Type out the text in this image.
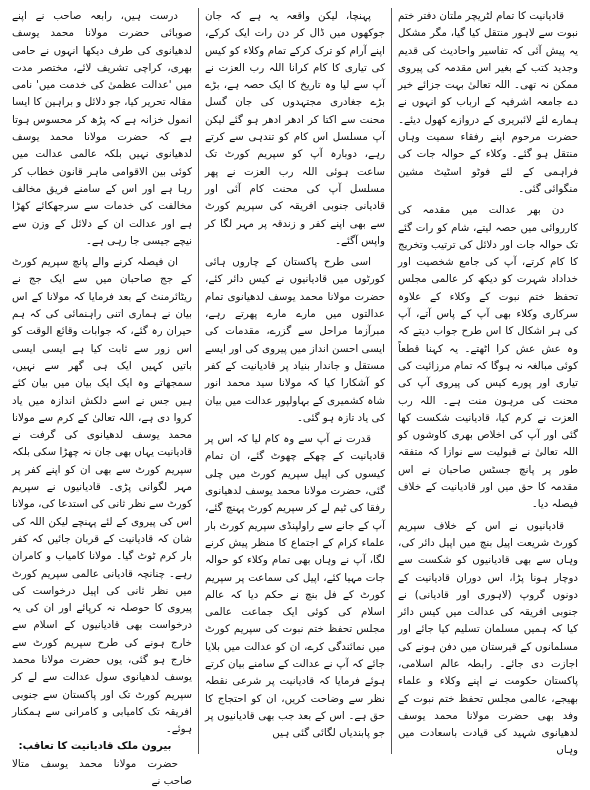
قادیانیت کا تمام لٹریچر ملتان دفتر ختم نبوت سے لاہور منتقل کیا گیا، مگر مشکل یہ پیش آئی کہ تفاسیر واحادیث کی قدیم وجدید کتب کے بغیر اس مقدمہ کی پیروی ممکن نہ تھی۔ اللہ تعالیٰ بہت جزائے خیر دے جامعہ اشرفیہ کے ارباب کو انہوں نے ہمارے لئے لائبریری کے دروازے کھول دیئے۔ حضرت مرحوم اپنے رفقاء سمیت وہاں منتقل ہو گئے۔ وکلاء کے حوالہ جات کی فراہمی کے لئے فوٹو اسٹیٹ مشین منگوائی گئی۔

دن بھر عدالت میں مقدمہ کی کارروائی میں حصہ لیتے، شام کو رات گئے تک حوالہ جات اور دلائل کی ترتیب وتخریج کا کام کرتے، آپ کی جامع شخصیت اور خداداد شہرت کو دیکھ کر عالمی مجلس تحفظ ختم نبوت کے وکلاء کے علاوہ سرکاری وکلاء بھی آپ کے پاس آتے، آپ کی ہر اشکال کا اس طرح جواب دیتے کہ وہ عش عش کرا اٹھتے۔ یہ کہنا قطعاً کوئی مبالغہ نہ ہوگا کہ تمام مرزائیت کی تیاری اور پورے کیس کی پیروی آپ کی محنت کی مرہون منت ہے۔ اللہ رب العزت نے کرم کیا، قادیانیت شکست کھا گئی اور آپ کی اخلاص بھری کاوشوں کو اللہ تعالیٰ نے قبولیت سے نوازا کہ متفقہ طور پر پانچ جسٹس صاحبان نے اس مقدمہ کا حق میں اور قادیانیت کے خلاف فیصلہ دیا۔

قادیانیوں نے اس کے خلاف سپریم کورٹ شریعت اپیل بنچ میں اپیل دائر کی، وہاں سے بھی قادیانیوں کو شکست سے دوچار ہونا پڑا، اس دوران قادیانیت کے دونوں گروپ (لاہوری اور قادیانی) نے جنوبی افریقہ کی عدالت میں کیس دائر کیا کہ ہمیں مسلمان تسلیم کیا جائے اور مسلمانوں کے قبرستان میں دفن ہونے کی اجازت دی جائے۔ رابطہ عالم اسلامی، پاکستان حکومت نے اپنے وکلاء و علماء بھیجے، عالمی مجلس تحفظ ختم نبوت کے وفد بھی حضرت مولانا محمد یوسف لدھیانوی شہید کی قیادت باسعادت میں وہاں

پہنچا، لیکن واقعہ یہ ہے کہ جان جوکھوں میں ڈال کر دن رات ایک کرکے، اپنے آرام کو ترک کرکے تمام وکلاء کو کیس کی تیاری کا کام کرانا اللہ رب العزت نے آپ سے لیا وہ تاریخ کا ایک حصہ ہے، بڑے بڑے جغادری مجتہدوں کی جان گسل محنت سے اکتا کر ادھر ادھر ہو گئے لیکن آپ مسلسل اس کام کو تندہی سے کرتے رہے، دوبارہ آپ کو سپریم کورٹ تک ساعت ہوئی اللہ رب العزت نے پھر مسلسل آپ کی محنت کام آئی اور قادیانی جنوبی افریقہ کی سپریم کورٹ سے بھی اپنے کفر و زندقہ پر مہر لگا کر واپس آگئے۔

اسی طرح پاکستان کے چاروں ہائی کورٹوں میں قادیانیوں نے کیس دائر کئے، حضرت مولانا محمد یوسف لدھیانوی تمام عدالتوں میں مارے مارے پھرتے رہے، مبرآزما مراحل سے گزرے، مقدمات کی ایسی احسن انداز میں پیروی کی اور ایسے مستقل و جاندار بنیاد پر قادیانیت کے کفر کو آشکارا کیا کہ مولانا سید محمد انور شاہ کشمیری کے بہاولپور عدالت میں بیان کی یاد تازہ ہو گئی۔

قدرت نے آپ سے وہ کام لیا کہ اس پر قادیانیت کے چھکے چھوٹ گئے، ان تمام کیسوں کی اپیل سپریم کورٹ میں چلی گئی، حضرت مولانا محمد یوسف لدھیانوی رفقا کی ٹیم لے کر سپریم کورٹ پہنچ گئے، آپ کے جانے سے راولپنڈی سپریم کورٹ بار علماء کرام کے اجتماع کا منظر پیش کرنے لگا، آپ نے وہاں بھی تمام وکلاء کو حوالہ جات مہیا کئے، اپیل کی سماعت پر سپریم کورٹ کے فل بنچ نے حکم دیا کہ عالم اسلام کی کوئی ایک جماعت عالمی مجلس تحفظ ختم نبوت کی سپریم کورٹ میں نمائندگی کرے، ان کو عدالت میں بلایا جائے کہ آپ نے عدالت کے سامنے بیان کرتے ہوئے فرمایا کہ قادیانیت پر شرعی نقطہ نظر سے وضاحت کریں، ان کو احتجاج کا حق ہے۔ اس کے بعد جب بھی قادیانیوں پر جو پابندیاں لگائی گئی ہیں

درست ہیں، رابعہ صاحب نے اپنے صوبائی حضرت مولانا محمد یوسف لدھیانوی کی طرف دیکھا انہوں نے حامی بھری، کراچی تشریف لائے، مختصر مدت میں 'عدالت عظمیٰ کی خدمت میں' نامی مقالہ تحریر کیا، جو دلائل و براہین کا ایسا انمول خزانہ ہے کہ پڑھ کر محسوس ہوتا ہے کہ حضرت مولانا محمد یوسف لدھیانوی نہیں بلکہ عالمی عدالت میں کوئی بین الاقوامی ماہر قانون خطاب کر رہا ہے اور اس کے سامنے فریق مخالف مخالفت کی خدمات سے سرجھکائے کھڑا ہے اور عدالت ان کے دلائل کے وزن سے نیچے جیسی جا رہی ہے۔

ان فیصلہ کرنے والے پانچ سپریم کورٹ کے جج صاحبان میں سے ایک جج نے ریٹائرمنٹ کے بعد فرمایا کہ مولانا کے اس بیان نے ہماری اتنی راہنمائی کی کہ ہم حیران رہ گئے، کہ جوابات وقائع الوقت کو اس زور سے ثابت کیا ہے ایسی ایسی باتیں کہیں ایک ہی گھر سے نہیں، سمجھاتے وہ ایک ایک بیان میں بیان کئے ہیں جس نے اسے دلکش اندازہ میں یاد کروا دی ہے، اللہ تعالیٰ کے کرم سے مولانا محمد یوسف لدھیانوی کی گرفت نے قادیانیت یہاں بھی جان نہ چھڑا سکی بلکہ سپریم کورٹ سے بھی ان کو اپنے کفر پر مہر لگوانی پڑی۔ قادیانیوں نے سپریم کورٹ سے نظر ثانی کی استدعا کی، مولانا اس کی پیروی کے لئے پہنچے لیکن اللہ کی شان کہ قادیانیت کے قربان جائیں کہ کفر بار کرم ٹوٹ گیا۔ مولانا کامیاب و کامران رہے۔ چنانچہ قادیانی عالمی سپریم کورٹ میں نظر ثانی کی اپیل درخواست کی پیروی کا حوصلہ نہ کرپائے اور ان کی یہ درخواست بھی قادیانیوں کے اسلام سے خارج ہونے کی طرح سپریم کورٹ سے خارج ہو گئی، یوں حضرت مولانا محمد یوسف لدھیانوی سول عدالت سے لے کر سپریم کورٹ تک اور پاکستان سے جنوبی افریقہ تک کامیابی و کامرانی سے ہمکنار ہوئے۔

بیرون ملک قادیانیت کا تعاقب:

حضرت مولانا محمد یوسف متالا صاحب نے
